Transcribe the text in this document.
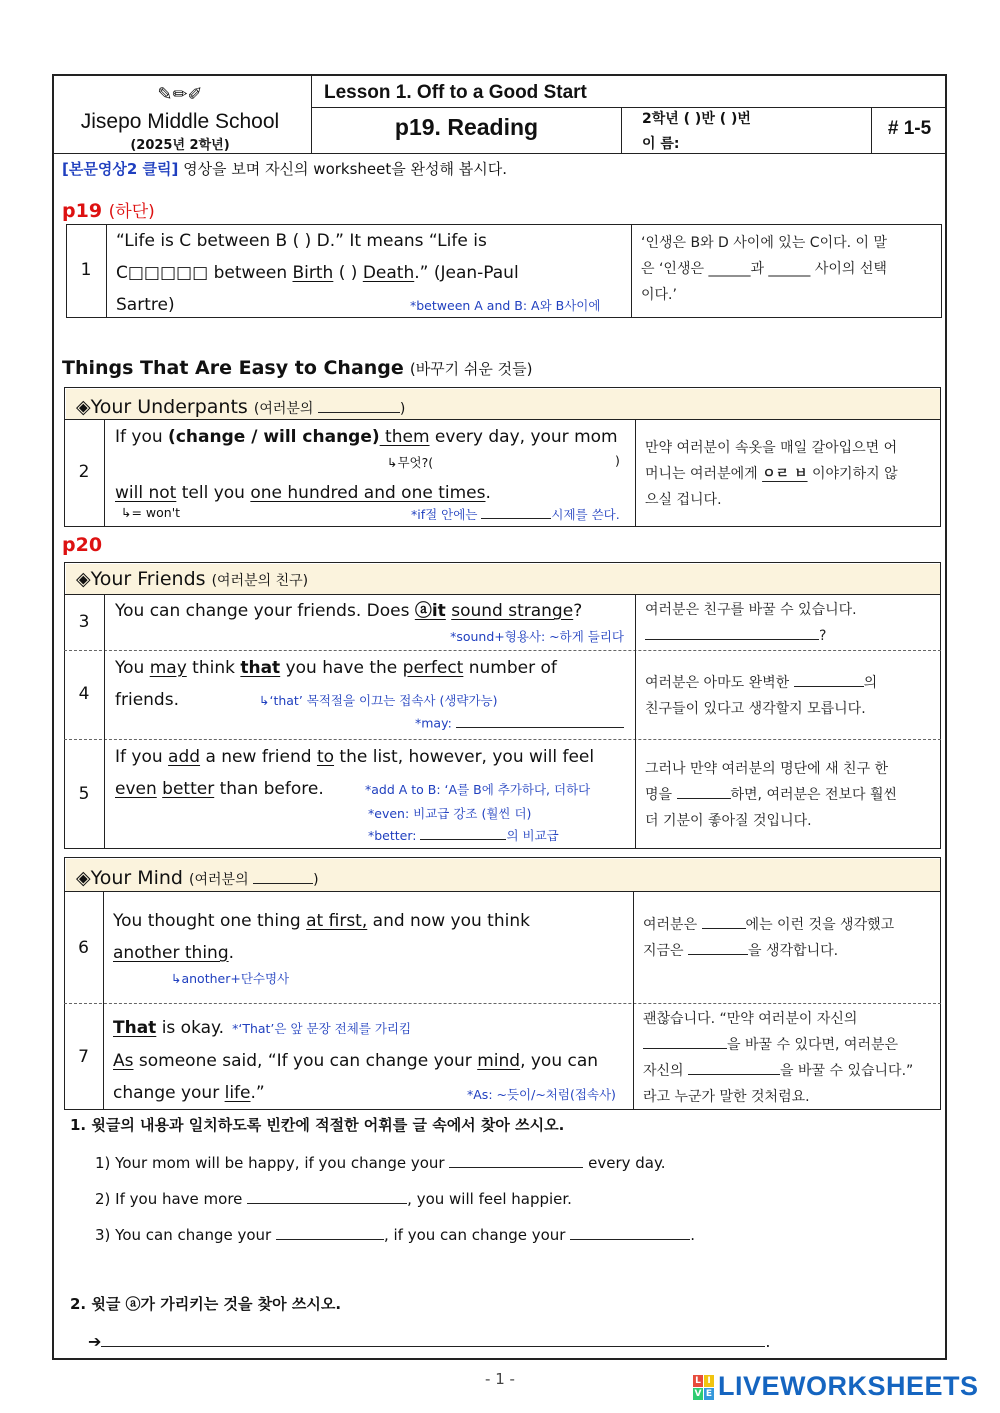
✎✏✐
Jisepo Middle School
(2025년 2학년)
Lesson 1. Off to a Good Start
p19. Reading	2학년 ( )반 ( )번
이 름:
# 1-5
[본문영상2 클릭] 영상을 보며 자신의 worksheet을 완성해 봅시다.
p19 (하단)
1
“Life is C between B ( ) D.” It means “Life is
C□□□□□ between Birth ( ) Death.” (Jean-Paul
Sartre)	*between A and B: A와 B사이에
‘인생은 B와 D 사이에 있는 C이다. 이 말
은 ‘인생은 ______과 ______ 사이의 선택
이다.’
Things That Are Easy to Change (바꾸기 쉬운 것들)
◈Your Underpants (여러분의	)
2
If you (change / will change) them every day, your mom
↳무엇?(	)
will not tell you one hundred and one times.
↳= won't	*if절 안에는	시제를 쓴다.
만약 여러분이 속옷을 매일 갈아입으면 어
머니는 여러분에게 ㅇㄹ ㅂ 이야기하지 않
으실 겁니다.
p20
◈Your Friends (여러분의 친구)
3
You can change your friends. Does ⓐit sound strange?
*sound+형용사: ~하게 들리다
여러분은 친구를 바꿀 수 있습니다.
?
4
You may think that you have the perfect number of
friends.	↳‘that’ 목적절을 이끄는 접속사 (생략가능)
*may:
여러분은 아마도 완벽한	의
친구들이 있다고 생각할지 모릅니다.
5
If you add a new friend to the list, however, you will feel
even better than before.	*add A to B: ‘A를 B에 추가하다, 더하다
*even: 비교급 강조 (훨씬 더)
*better:	의 비교급
그러나 만약 여러분의 명단에 새 친구 한
명을	하면, 여러분은 전보다 훨씬
더 기분이 좋아질 것입니다.
◈Your Mind (여러분의	)
6
You thought one thing at first, and now you think
another thing.
↳another+단수명사
여러분은	에는 이런 것을 생각했고
지금은	을 생각합니다.
7
That is okay. *‘That’은 앞 문장 전체를 가리킴
As someone said, “If you can change your mind, you can
change your life.”	*As: ~듯이/~처럼(접속사)
괜찮습니다. “만약 여러분이 자신의
을 바꿀 수 있다면, 여러분은
자신의	을 바꿀 수 있습니다.”
라고 누군가 말한 것처럼요.
1. 윗글의 내용과 일치하도록 빈칸에 적절한 어휘를 글 속에서 찾아 쓰시오.
1) Your mom will be happy, if you change your	every day.
2) If you have more	, you will feel happier.
3) You can change your	, if you can change your	.
2. 윗글 ⓐ가 가리키는 것을 찾아 쓰시오.
➔	.
- 1 -	L I
V E LIVEWORKSHEETS
